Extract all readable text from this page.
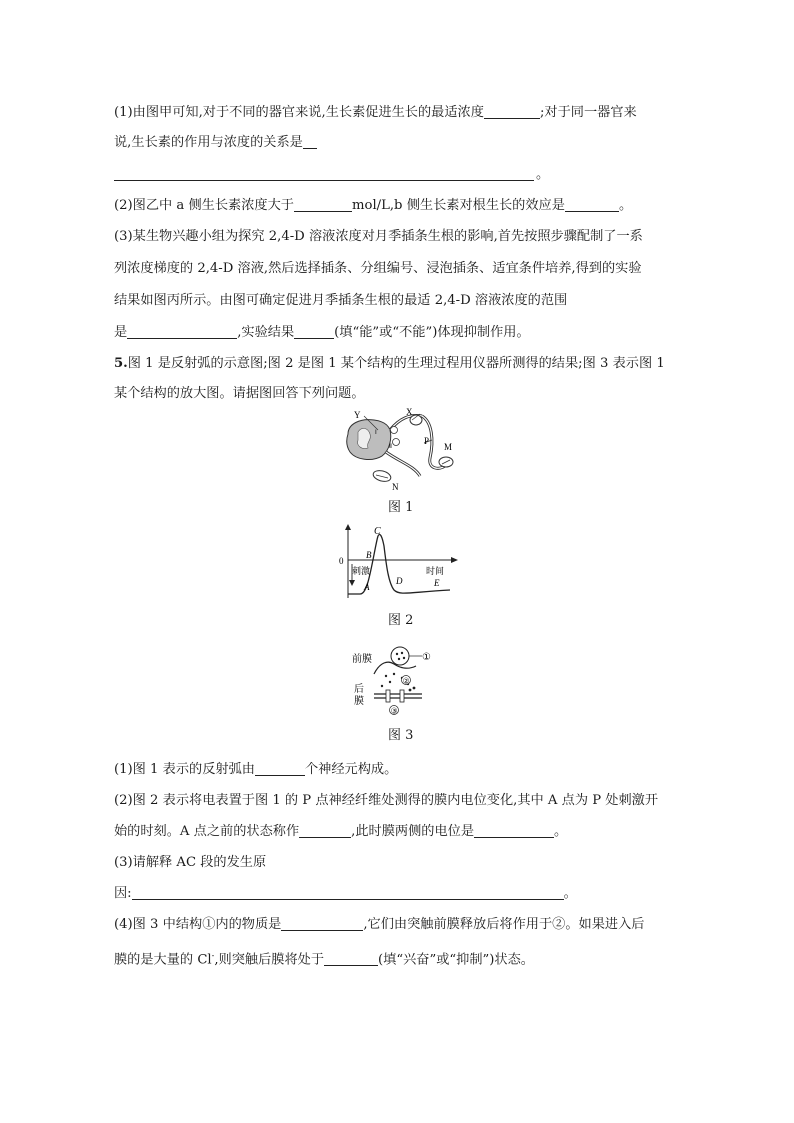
(1)由图甲可知,对于不同的器官来说,生长素促进生长的最适浓度	;对于同一器官来
说,生长素的作用与浓度的关系是
。
(2)图乙中 a 侧生长素浓度大于	mol/L,b 侧生长素对根生长的效应是	。
(3)某生物兴趣小组为探究 2,4-D 溶液浓度对月季插条生根的影响,首先按照步骤配制了一系
列浓度梯度的 2,4-D 溶液,然后选择插条、分组编号、浸泡插条、适宜条件培养,得到的实验
结果如图丙所示。由图可确定促进月季插条生根的最适 2,4-D 溶液浓度的范围
是	,实验结果	(填“能”或“不能”)体现抑制作用。
5.图 1 是反射弧的示意图;图 2 是图 1 某个结构的生理过程用仪器所测得的结果;图 3 表示图 1
某个结构的放大图。请据图回答下列问题。
Y	X
P
M
N
Ⅰ
Ⅱ
图 1
0
刺激	时间
A
B
C
D	E
图 2
前膜
后
膜
①
②
③
图 3
(1)图 1 表示的反射弧由	个神经元构成。
(2)图 2 表示将电表置于图 1 的 P 点神经纤维处测得的膜内电位变化,其中 A 点为 P 处刺激开
始的时刻。A 点之前的状态称作	,此时膜两侧的电位是	。
(3)请解释 AC 段的发生原
因:	。
(4)图 3 中结构①内的物质是	,它们由突触前膜释放后将作用于②。如果进入后
膜的是大量的 Cl-,则突触后膜将处于	(填“兴奋”或“抑制”)状态。
